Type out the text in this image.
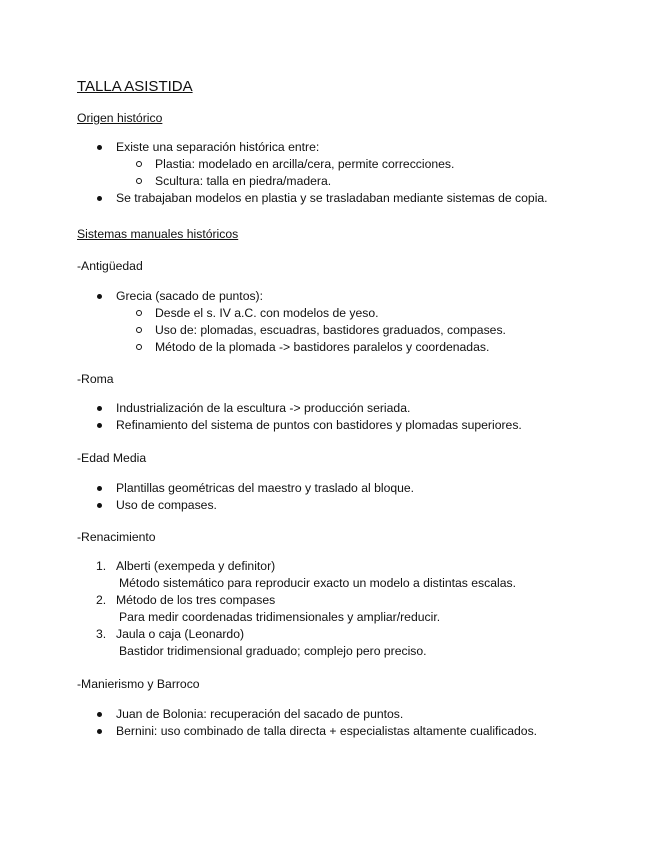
TALLA ASISTIDA
Origen histórico
Existe una separación histórica entre:
Plastia: modelado en arcilla/cera, permite correcciones.
Scultura: talla en piedra/madera.
Se trabajaban modelos en plastia y se trasladaban mediante sistemas de copia.
Sistemas manuales históricos
-Antigüedad
Grecia (sacado de puntos):
Desde el s. IV a.C. con modelos de yeso.
Uso de: plomadas, escuadras, bastidores graduados, compases.
Método de la plomada -> bastidores paralelos y coordenadas.
-Roma
Industrialización de la escultura -> producción seriada.
Refinamiento del sistema de puntos con bastidores y plomadas superiores.
-Edad Media
Plantillas geométricas del maestro y traslado al bloque.
Uso de compases.
-Renacimiento
1. Alberti (exempeda y definitor)
Método sistemático para reproducir exacto un modelo a distintas escalas.
2. Método de los tres compases
Para medir coordenadas tridimensionales y ampliar/reducir.
3. Jaula o caja (Leonardo)
Bastidor tridimensional graduado; complejo pero preciso.
-Manierismo y Barroco
Juan de Bolonia: recuperación del sacado de puntos.
Bernini: uso combinado de talla directa + especialistas altamente cualificados.
